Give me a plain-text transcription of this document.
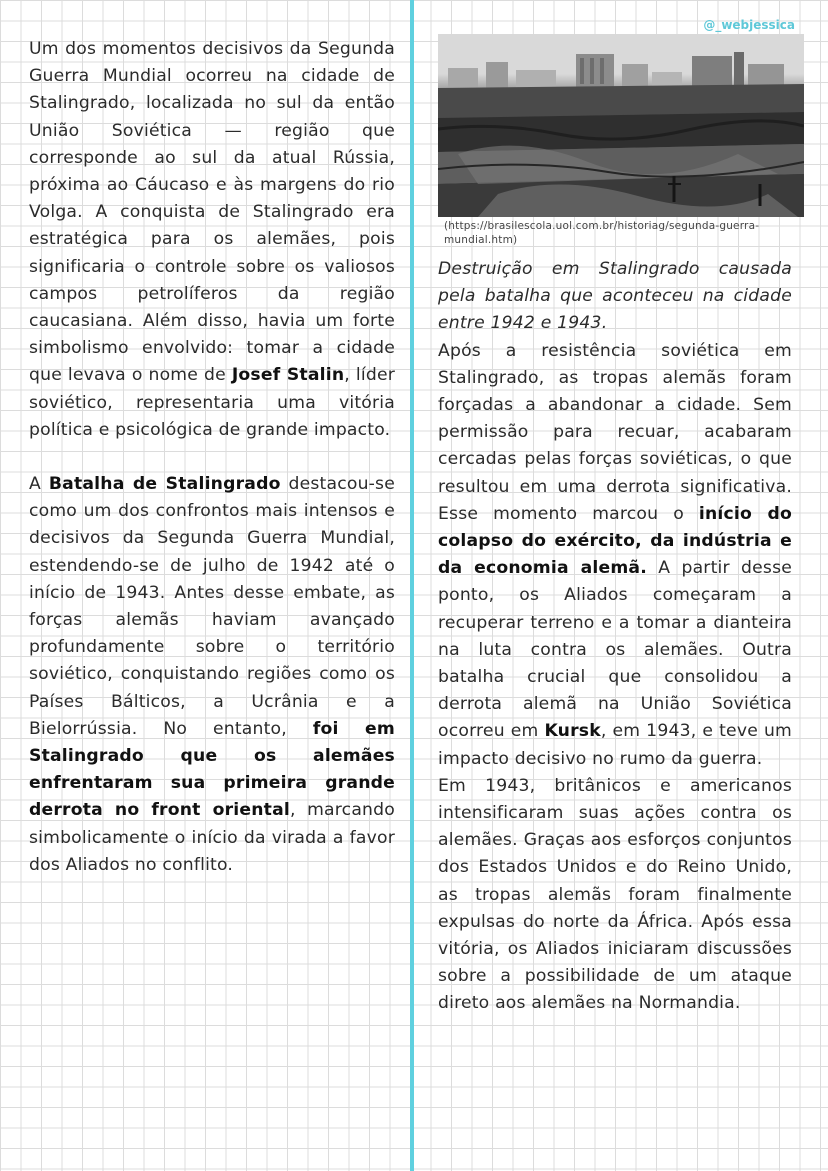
@_webjessica

Um dos momentos decisivos da Segunda Guerra Mundial ocorreu na cidade de Stalingrado, localizada no sul da então União Soviética — região que corresponde ao sul da atual Rússia, próxima ao Cáucaso e às margens do rio Volga. A conquista de Stalingrado era estratégica para os alemães, pois significaria o controle sobre os valiosos campos petrolíferos da região caucasiana. Além disso, havia um forte simbolismo envolvido: tomar a cidade que levava o nome de Josef Stalin, líder soviético, representaria uma vitória política e psicológica de grande impacto.

A Batalha de Stalingrado destacou-se como um dos confrontos mais intensos e decisivos da Segunda Guerra Mundial, estendendo-se de julho de 1942 até o início de 1943. Antes desse embate, as forças alemãs haviam avançado profundamente sobre o território soviético, conquistando regiões como os Países Bálticos, a Ucrânia e a Bielorrússia. No entanto, foi em Stalingrado que os alemães enfrentaram sua primeira grande derrota no front oriental, marcando simbolicamente o início da virada a favor dos Aliados no conflito.

(https://brasilescola.uol.com.br/historiag/segunda-guerra-mundial.htm)

Destruição em Stalingrado causada pela batalha que aconteceu na cidade entre 1942 e 1943.

Após a resistência soviética em Stalingrado, as tropas alemãs foram forçadas a abandonar a cidade. Sem permissão para recuar, acabaram cercadas pelas forças soviéticas, o que resultou em uma derrota significativa. Esse momento marcou o início do colapso do exército, da indústria e da economia alemã. A partir desse ponto, os Aliados começaram a recuperar terreno e a tomar a dianteira na luta contra os alemães. Outra batalha crucial que consolidou a derrota alemã na União Soviética ocorreu em Kursk, em 1943, e teve um impacto decisivo no rumo da guerra.

Em 1943, britânicos e americanos intensificaram suas ações contra os alemães. Graças aos esforços conjuntos dos Estados Unidos e do Reino Unido, as tropas alemãs foram finalmente expulsas do norte da África. Após essa vitória, os Aliados iniciaram discussões sobre a possibilidade de um ataque direto aos alemães na Normandia.
